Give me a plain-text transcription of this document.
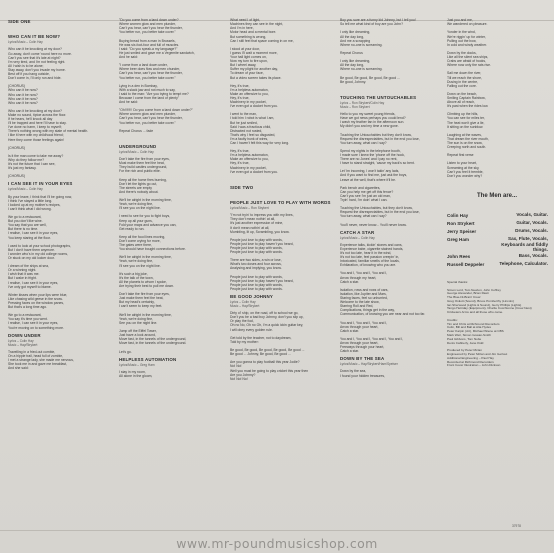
SIDE ONE

WHO CAN IT BE NOW?
Lyrics/Music – Colin Hay
Who can it be knocking at my door?
Go away, don't come 'round here no more.
Can't you see that it's late at night?
I'm very tired, and I'm not feeling right.
All I wish is to be alone;
Stay away, don't you invade my home.
Best off if you hang outside,
Don't come in, I'll only run and hide.

(CHORUS)
Who can it be now?
Who can it be now?
Who can it be now?
Who can it be now?

Who can it be knocking at my door?
Make no sound, tiptoe across the floor.
If he hears, he'll knock all day
I'll be trapped and here I'll have to stay.
I've done no harm, I keep to myself;
There's nothing wrong with my state of mental health.
I like it here with my childhood friend;
Here they come those feelings again!

(CHORUS)

Is it the man come to take me away?
Why do they follow me?
It's not the future that I can see,
It's just my fantasy.

(CHORUS)
I CAN SEE IT IN YOUR EYES
Lyrics/Music – Colin Hay
By your leave, I think that I'll be going now,
I think I've stayed a little long.
I looked up at my mother's recipes,
I can't think what I did wrong.

We go to a restaurant,
But you don't like wine.
You say that you are well,
But there is no time.
I realise, I can see it in your eyes,
You keep staring at the floor.

I used to look at your school photographs,
But I don't have them anymore.
I wonder who's in my old college rooms,
Or stuck on my old locker door.

I dream of the ships at sea,
Or a winning night.
I wish that it was me.
But I wake in fright.
I realise, I can see it in your eyes,
I've only got myself to blame.

Winter kisses when your lips were blue,
Like chasing wild geese in the snow.
Pressing faces on the window panes,
But that's a long time ago.

We go to a restaurant,
You say it's time you went.
I realise, I can see it in your eyes,
You're moving on to something more.
DOWN UNDER
Lyrics – Colin Hay
Music – Hay/Strykert
Travelling in a fried-out combie,
On a hippie trail, head full of zombie,
I met a strange lady, she made me nervous,
She took me in and gave me breakfast,
And she said:

"Do you come from a land down under?
Where women glow and men plunder,
Can't you hear, can't you hear the thunder,
You better run, you better take cover."

Buying bread from a man in Brussels,
He was six-foot-four and full of muscles.
I said: "Do you speak-a my language?"
He just smiled and gave me a Vegemite sandwich,
And he said:

"I come from a land down under,
Where beer does flow and men chunder,
Can't you hear, can't you hear the thunder,
You better run, you better take cover."

Lying in a den in Bombay,
With a slack jaw and not much to say,
I said to the man: "Are you trying to tempt me?
Because I come from the land of plenty"
And he said:

"Oh!!!!!!!! Do you come from a land down under?"
Where women glow and men plunder,
Can't you hear, can't you hear the thunder,
You better run, you better take cover."

Repeat Chorus ... fade

UNDERGROUND
Lyrics/Music – Colin Hay
Don't take the fire from your eyes,
Must make them feel the heat,
They build castles underground,
For the rich and public elite.

Keep all the home fires burning,
Don't let the lights go out,
The streets are empty
And there's nobody about.

We'll be alright in the morning time,
Yeah, we're doing fine,
I'll see you on the night line.

I need to see for you to fight boys,
Keep up all your guns,
Fold your maps and advance you can,
Get ready to run.

Keep all the food lines moving,
Don't come crying for more,
The gates were there,
You should have bought connections before.

We'll be alright in the morning time,
Yeah, we're doing fine,
I'll see you on the night line.

It's such a big joke,
It's the talk of the town,
All the planets to whom I spoke,
Are trying their best to pull me down.

Don't take the fire from your eyes,
Just make them feel the heat,
But my head's certainly,
I can't seem to keep my feet.

We'll be alright in the morning time,
Yeah, we're doing fine,
See you on the night line.

Jump off the Eiffel Tower,
Just have a look around,
Move fast, in the tunnels of the underground,
Move fast, in the tunnels of the underground.

Let's go.
HELPLESS AUTOMATION
Lyrics/Music – Greg Ham
I stay in my room,
All alone in the gloom,

What need I of light,
Machines they can see in the night,
And I'm in here,
Motor head and a mental bore.
But something is wrong,
Can I still feel that space coming in on me,

I stood at your door,
I guess I'll wait a moment more,
Your hall light comes on,
Now my turn to fire upon,
But I wheel away,
Suffer my plight for another day,
To dream of your face,
But a video screen takes its place.

Hey, it's true,
I'm a helpless automaton,
Make an offensive to you,
Hey, it's true,
Machinery in my pocket,
I've even got a docket from you.

I went to the man,
I told him I robot is what I am,
But he just smiled,
Said I was a fractious child,
Distracted not rusted,
That's why I feel so disgusted,
I'm a faulty hunk of wires,
Can I haven't felt this way for very long.

Hey, it's true,
I'm a helpless automaton,
Make an offensive to you,
Hey, it's true,
Machinery in my pocket,
I've even got a docket from you.

SIDE TWO

PEOPLE JUST LOVE TO PLAY WITH WORDS
Lyrics/Music – Ron Strykert
"I'm not tryin' to impress you with my lines,
They don't mean nothin' at all,
It's just another expression of mine,
It don't mean nothin' at all,
Mumbling, lit up, Scrambling, you know.

People just love to play with words,
People just love to play haven't you heard,
People just love to play with words,
People just love to play with words.

There are two sides, a win or lose,
What's two doses and four across,
Analysing and implying, you know.

People just love to play with words,
People just love to play haven't you heard,
People just love to play with words,
People just love to play with words.
BE GOOD JOHNNY
Lyrics – Colin Hay
Music – Hay/Strykert
Dirty ol' ship, on the road, off to school we go,
Don't you be a bad boy Johnny, don't you slip up,
Or play the fool,
Oh no No, Oh no Oh, I'm a quick ickin guitar key,
I will obey every golden rule.

Get told by the teacher, not to daydream,
Told by my mother:

Be good, Be good, Be good, Be good, Be good ...
Be good ... Johnny, Be good, Be good ...

Are you gonna to play football this year Jodie?
No! No!
Well you must be going to play cricket this year then
Are you Johnny?
No! No! No!

Boy you sure are a funny kid Johnny, but I tell you!
So tell me what kind of boy are you John?

I only like dreaming,
All the day long,
And me a scrapping
Where no-one is screaming.

Repeat Chorus

I only like dreaming,
All the day long,
Where no-one is screaming.

Be good, Be good, Be good, Be good ...
Be good, Johnny.

TOUCHING THE UNTOUCHABLES
Lyrics – Ron Strykert/Colin Hay
Music – Ron Strykert
Hello to you my sweet young friends,
Have we got news perhaps you could lend?
I wash my feather fan in the afternoon sun.
My didn't you and my time a new gone.

Touching the Untouchables but they don't know,
Request the disrespectables, but in the end you lose,
You turn away, what can I say?

Spend my nights in the telephone booth,
I made sure I knew the 'phone off the hook,
There are no Jones' and I pay no rent,
I have to stand straight, 'cause my back's so bent.

Let 'im incoming, I won't takin' any lads,
And if you want to find me, just ask the boys,
Leave at the well, that's where it'll be.

Park bench and cigarettes,
Can you help me get off this fence?
Can't you see I'm just an old man,
Tryin' hard, I'm doin' what I can.

Touching the Untouchables, but they don't know,
Request the disrespectables, but in the end you lose,
You turn away, what can I say?

You'll never, never know... You'll never know.
CATCH A STAR
Lyrics/Music – Colin Hay
Experience talks, kickin' stones and cans,
Experience babe, cigarette stained hands,
It's not too late, hear it in the wind,
It's not too late, feel passion creepin' in,
Intoxicated, familiar smells of the locals,
Exhilaration, of knowing who you are.

You and I, You and I, You and I,
Arrow through my heart,
Catch a star.

Isolation, rows and rows of cars,
Isolation, like Jupiter and Mars,
Staring faces, feel so unhurried,
Welcome to the late show,
Starring Roll and Red,
Complications, things get in the way,
Communication, of knowing you are near and not too far.

You and I, You and I, You and I,
Arrow through your heart,
Catch a star.

You and I, You and I, You and I, You and I,
Arrow through your heart,
Freeways through your heart,
Catch a star.
DOWN BY THE SEA
Lyrics/Music – Hay/Strykert/Ham/Speiser
Down by the sea,
I found your hidden treasures,

Just you and me,
We wandered on pleasure.

Yonder in the wind,
We're riggin' up for winter,
Pulling out the bow,
In cold and windy weather.

Down by the docks,
Like all the silent sea ships,
Crabs are afraid of hooks,
Where now only the rats rise.

Sail me down the river,
Till we reach the shore,
Dusing in the centre,
Falling out the core.

Down on the beach,
Smiling Captain Rainbow,
Above all of reach,
It's past when the rides low.

Climbing up the hills,
You can see for miles ter,
The heat won't give a lie,
It sitting on the sunblow.

Laughing at the waves,
That dream the river mouth,
The sun is on the snow,
Creeping north and south.

Repeat first verse

Listen to your heart,
Screaming at the sky,
Can't you feel it tremble,
Don't you wonder why?

The Men are...

Colin Hay	Vocals, Guitar.
Ron Strykert	Guitar, Vocals.
Jerry Speiser	Drums, Vocals.
Greg Ham	Sax, Flute, Vocals, Keyboards and fiddly things.
John Rees	Bass, Vocals.
Russell Deppeler	Telephone, Calculator.

Special thanks:

Simon Lord, Tom Newton, John Coffrey
George Alexander, Brian Rasti
The Blue-Ni-Brain' Crew:
Greg Ostiott (Sound), Bruce Pomberthy (Lincoln)
Ian Sherwood (Lights & Sound), Gerry Phillips (Lights)
Tango Hetriday (Equipment), Charlie Cucchionne (Crew Nest)
Cricketers Arms and all those who came.

Credits:
Tim and Chris at Richmond Recorders
Colin, Bill and Ball at Alta Hydes
Peter Karpin (Art), Michael Wiene at CBS
Mark Weir, Simon Gowan-Smith
Paul Gibbons, Tom Nolte
Denis Cabberly, Jane Kidd

Produced by Peter McIan
Engineered by Peter McIan and Jim Gerlout
Additional Engineering – Paul Hay
Recorded at Richmond Recorders
Front Cover Illustration – John Dickson

37978
www.mr-poundmusicshop.com
